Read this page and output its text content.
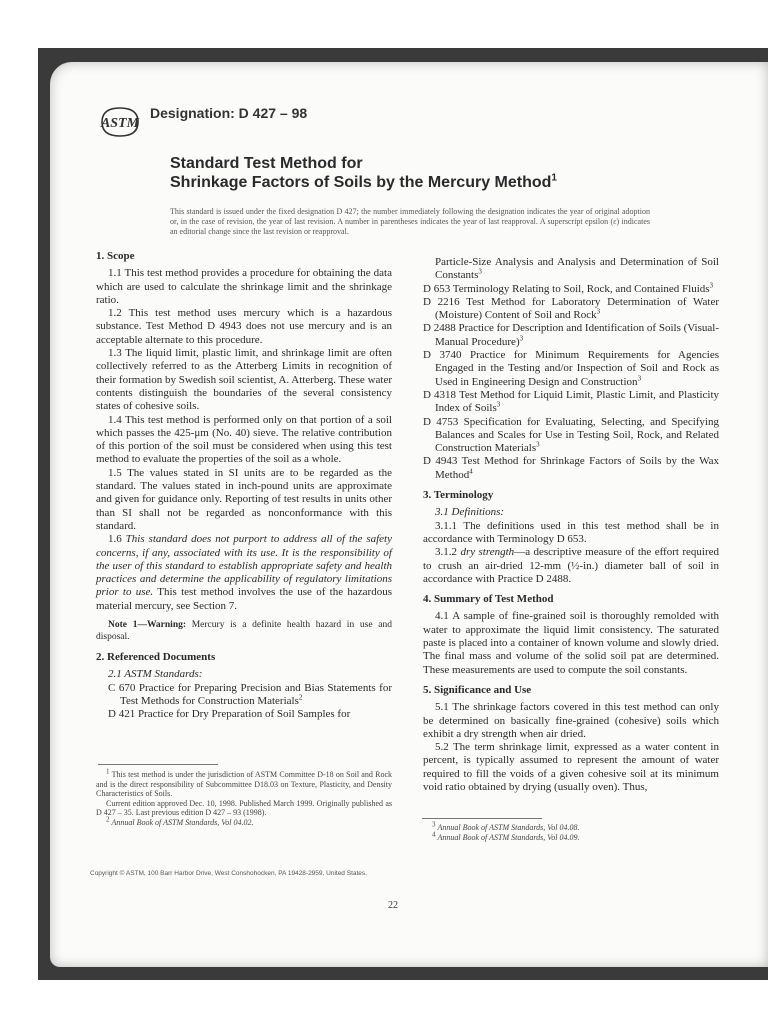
ASTM
Designation: D 427 – 98
Standard Test Method for
Shrinkage Factors of Soils by the Mercury Method$^1$
This standard is issued under the fixed designation D 427; the number immediately following the designation indicates the year of original adoption or, in the case of revision, the year of last revision. A number in parentheses indicates the year of last reapproval. A superscript epsilon (ε) indicates an editorial change since the last revision or reapproval.
1. Scope

1.1 This test method provides a procedure for obtaining the data which are used to calculate the shrinkage limit and the shrinkage ratio.

1.2 This test method uses mercury which is a hazardous substance. Test Method D 4943 does not use mercury and is an acceptable alternate to this procedure.

1.3 The liquid limit, plastic limit, and shrinkage limit are often collectively referred to as the Atterberg Limits in recognition of their formation by Swedish soil scientist, A. Atterberg. These water contents distinguish the boundaries of the several consistency states of cohesive soils.

1.4 This test method is performed only on that portion of a soil which passes the 425-μm (No. 40) sieve. The relative contribution of this portion of the soil must be considered when using this test method to evaluate the properties of the soil as a whole.

1.5 The values stated in SI units are to be regarded as the standard. The values stated in inch-pound units are approximate and given for guidance only. Reporting of test results in units other than SI shall not be regarded as nonconformance with this standard.

1.6 This standard does not purport to address all of the safety concerns, if any, associated with its use. It is the responsibility of the user of this standard to establish appropriate safety and health practices and determine the applicability of regulatory limitations prior to use. This test method involves the use of the hazardous material mercury, see Section 7.

Note 1—Warning: Mercury is a definite health hazard in use and disposal.

2. Referenced Documents

2.1 ASTM Standards:

C 670 Practice for Preparing Precision and Bias Statements for Test Methods for Construction Materials$^2$

D 421 Practice for Dry Preparation of Soil Samples for

Particle-Size Analysis and Analysis and Determination of Soil Constants$^3$

D 653 Terminology Relating to Soil, Rock, and Contained Fluids$^3$

D 2216 Test Method for Laboratory Determination of Water (Moisture) Content of Soil and Rock$^3$

D 2488 Practice for Description and Identification of Soils (Visual-Manual Procedure)$^3$

D 3740 Practice for Minimum Requirements for Agencies Engaged in the Testing and/or Inspection of Soil and Rock as Used in Engineering Design and Construction$^3$

D 4318 Test Method for Liquid Limit, Plastic Limit, and Plasticity Index of Soils$^3$

D 4753 Specification for Evaluating, Selecting, and Specifying Balances and Scales for Use in Testing Soil, Rock, and Related Construction Materials$^3$

D 4943 Test Method for Shrinkage Factors of Soils by the Wax Method$^4$

3. Terminology

3.1 Definitions:

3.1.1 The definitions used in this test method shall be in accordance with Terminology D 653.

3.1.2 dry strength—a descriptive measure of the effort required to crush an air-dried 12-mm (½-in.) diameter ball of soil in accordance with Practice D 2488.

4. Summary of Test Method

4.1 A sample of fine-grained soil is thoroughly remolded with water to approximate the liquid limit consistency. The saturated paste is placed into a container of known volume and slowly dried. The final mass and volume of the solid soil pat are determined. These measurements are used to compute the soil constants.

5. Significance and Use

5.1 The shrinkage factors covered in this test method can only be determined on basically fine-grained (cohesive) soils which exhibit a dry strength when air dried.

5.2 The term shrinkage limit, expressed as a water content in percent, is typically assumed to represent the amount of water required to fill the voids of a given cohesive soil at its minimum void ratio obtained by drying (usually oven). Thus,

$^1$ This test method is under the jurisdiction of ASTM Committee D-18 on Soil and Rock and is the direct responsibility of Subcommittee D18.03 on Texture, Plasticity, and Density Characteristics of Soils.
Current edition approved Dec. 10, 1998. Published March 1999. Originally published as D 427 – 35. Last previous edition D 427 – 93 (1998).
$^2$ Annual Book of ASTM Standards, Vol 04.02.	$^3$ Annual Book of ASTM Standards, Vol 04.08.
$^4$ Annual Book of ASTM Standards, Vol 04.09.
Copyright © ASTM, 100 Barr Harbor Drive, West Conshohocken, PA 19428-2959, United States.
22
